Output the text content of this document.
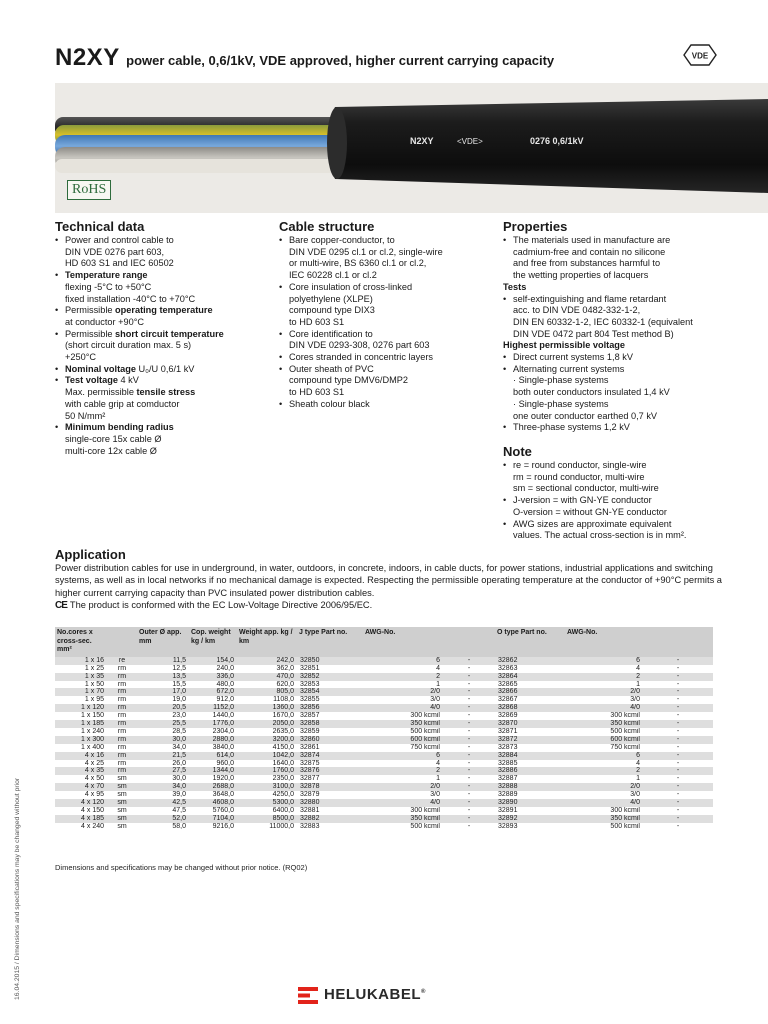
N2XY power cable, 0,6/1kV, VDE approved, higher current carrying capacity	VDE
N2XY	<VDE>	0276 0,6/1kV
RoHS
Technical data	Cable structure	Properties
Note
Application
• Power and control cable to
DIN VDE 0276 part 603,
HD 603 S1 and IEC 60502
• Temperature range
flexing -5°C to +50°C
fixed installation -40°C to +70°C
• Permissible operating temperature
at conductor +90°C
• Permissible short circuit temperature
(short circuit duration max. 5 s)
+250°C
• Nominal voltage U₀/U 0,6/1 kV
• Test voltage 4 kV
Max. permissible tensile stress
with cable grip at comductor
50 N/mm²
• Minimum bending radius
single-core 15x cable Ø
multi-core 12x cable Ø
• Bare copper-conductor, to
DIN VDE 0295 cl.1 or cl.2, single-wire
or multi-wire, BS 6360 cl.1 or cl.2,
IEC 60228 cl.1 or cl.2
• Core insulation of cross-linked
polyethylene (XLPE)
compound type DIX3
to HD 603 S1
• Core identification to
DIN VDE 0293-308, 0276 part 603
• Cores stranded in concentric layers
• Outer sheath of PVC
compound type DMV6/DMP2
to HD 603 S1
• Sheath colour black
• The materials used in manufacture are
cadmium-free and contain no silicone
and free from substances harmful to
the wetting properties of lacquers
Tests
• self-extinguishing and flame retardant
acc. to DIN VDE 0482-332-1-2,
DIN EN 60332-1-2, IEC 60332-1 (equivalent
DIN VDE 0472 part 804 Test method B)
Highest permissible voltage
• Direct current systems 1,8 kV
• Alternating current systems
· Single-phase systems
both outer conductors insulated 1,4 kV
· Single-phase systems
one outer conductor earthed 0,7 kV
• Three-phase systems 1,2 kV
• re = round conductor, single-wire
rm = round conductor, multi-wire
sm = sectional conductor, multi-wire
• J-version = with GN-YE conductor
O-version = without GN-YE conductor
• AWG sizes are approximate equivalent
values. The actual cross-section is in mm².
Power distribution cables for use in underground, in water, outdoors, in concrete, indoors, in cable ducts, for power stations, industrial applications and switching systems, as well as in local networks if no mechanical damage is expected. Respecting the permissible operating temperature at the conductor of +90°C permits a higher current carrying capacity than PVC insulated power distribution cables.
CE The product is conformed with the EC Low-Voltage Directive 2006/95/EC.
No.cores x cross-sec. mm²		Outer Ø app. mm	Cop. weight kg / km	Weight app. kg / km	J type Part no.	AWG-No.		O type Part no.	AWG-No.	
1 x 16	re	11,5	154,0	242,0	32850	6	-	32862	6	-
1 x 25	rm	12,5	240,0	362,0	32851	4	-	32863	4	-
1 x 35	rm	13,5	336,0	470,0	32852	2	-	32864	2	-
1 x 50	rm	15,5	480,0	620,0	32853	1	-	32865	1	-
1 x 70	rm	17,0	672,0	805,0	32854	2/0	-	32866	2/0	-
1 x 95	rm	19,0	912,0	1108,0	32855	3/0	-	32867	3/0	-
1 x 120	rm	20,5	1152,0	1360,0	32856	4/0	-	32868	4/0	-
1 x 150	rm	23,0	1440,0	1670,0	32857	300 kcmil	-	32869	300 kcmil	-
1 x 185	rm	25,5	1776,0	2050,0	32858	350 kcmil	-	32870	350 kcmil	-
1 x 240	rm	28,5	2304,0	2635,0	32859	500 kcmil	-	32871	500 kcmil	-
1 x 300	rm	30,0	2880,0	3200,0	32860	600 kcmil	-	32872	600 kcmil	-
1 x 400	rm	34,0	3840,0	4150,0	32861	750 kcmil	-	32873	750 kcmil	-
4 x 16	rm	21,5	614,0	1042,0	32874	6	-	32884	6	-
4 x 25	rm	26,0	960,0	1640,0	32875	4	-	32885	4	-
4 x 35	rm	27,5	1344,0	1760,0	32876	2	-	32886	2	-
4 x 50	sm	30,0	1920,0	2350,0	32877	1	-	32887	1	-
4 x 70	sm	34,0	2688,0	3100,0	32878	2/0	-	32888	2/0	-
4 x 95	sm	39,0	3648,0	4250,0	32879	3/0	-	32889	3/0	-
4 x 120	sm	42,5	4608,0	5300,0	32880	4/0	-	32890	4/0	-
4 x 150	sm	47,5	5760,0	6400,0	32881	300 kcmil	-	32891	300 kcmil	-
4 x 185	sm	52,0	7104,0	8500,0	32882	350 kcmil	-	32892	350 kcmil	-
4 x 240	sm	58,0	9216,0	11000,0	32883	500 kcmil	-	32893	500 kcmil	-
Dimensions and specifications may be changed without prior notice. (RQ02)
16.04.2015 / Dimensions and specifications may be changed without prior	HELUKABEL®
